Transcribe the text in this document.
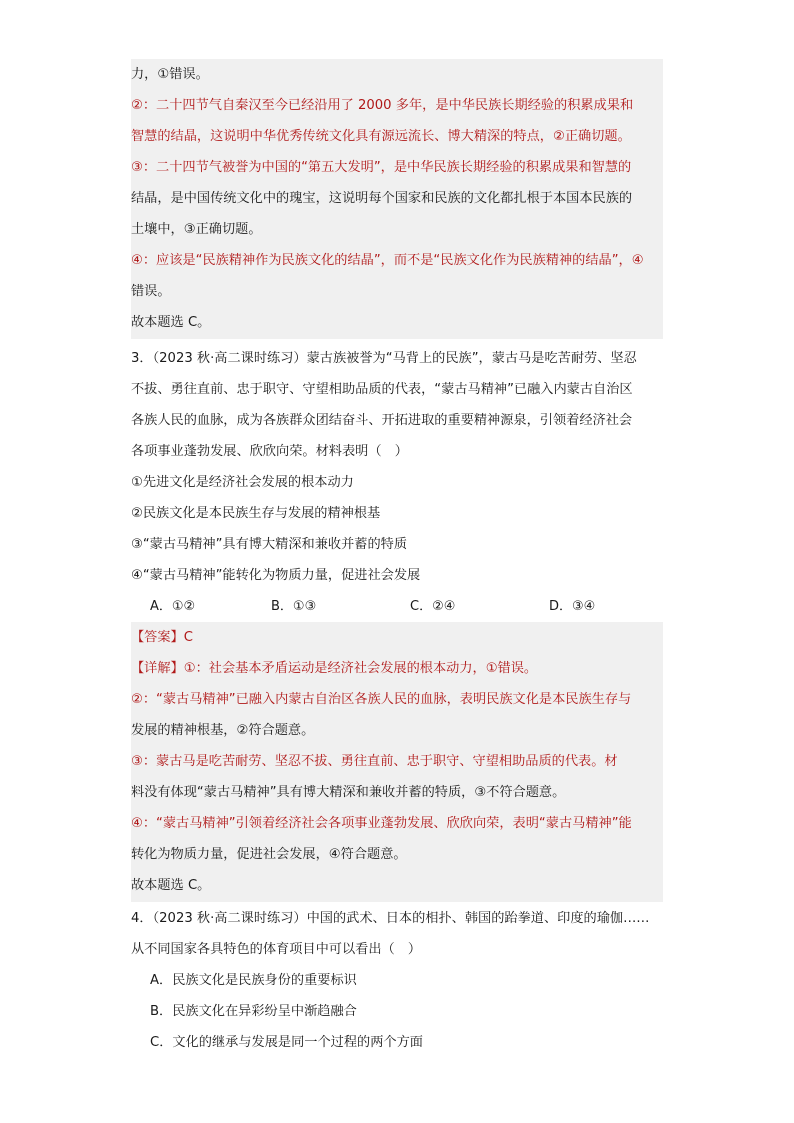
力，①错误。
②：二十四节气自秦汉至今已经沿用了 2000 多年，是中华民族长期经验的积累成果和
智慧的结晶，这说明中华优秀传统文化具有源远流长、博大精深的特点，②正确切题。
③：二十四节气被誉为中国的“第五大发明”，是中华民族长期经验的积累成果和智慧的
结晶，是中国传统文化中的瑰宝，这说明每个国家和民族的文化都扎根于本国本民族的
土壤中，③正确切题。
④：应该是“民族精神作为民族文化的结晶”，而不是“民族文化作为民族精神的结晶”，④
错误。
故本题选 C。
3．（2023 秋·高二课时练习）蒙古族被誉为“马背上的民族”，蒙古马是吃苦耐劳、坚忍
不拔、勇往直前、忠于职守、守望相助品质的代表，“蒙古马精神”已融入内蒙古自治区
各族人民的血脉，成为各族群众团结奋斗、开拓进取的重要精神源泉，引领着经济社会
各项事业蓬勃发展、欣欣向荣。材料表明（　）
①先进文化是经济社会发展的根本动力
②民族文化是本民族生存与发展的精神根基
③“蒙古马精神”具有博大精深和兼收并蓄的特质
④“蒙古马精神”能转化为物质力量，促进社会发展
A．①②	B．①③	C．②④	D．③④
【答案】C
【详解】①：社会基本矛盾运动是经济社会发展的根本动力，①错误。
②：“蒙古马精神”已融入内蒙古自治区各族人民的血脉，表明民族文化是本民族生存与
发展的精神根基，②符合题意。
③：蒙古马是吃苦耐劳、坚忍不拔、勇往直前、忠于职守、守望相助品质的代表。材
料没有体现“蒙古马精神”具有博大精深和兼收并蓄的特质，③不符合题意。
④：“蒙古马精神”引领着经济社会各项事业蓬勃发展、欣欣向荣，表明“蒙古马精神”能
转化为物质力量，促进社会发展，④符合题意。
故本题选 C。
4．（2023 秋·高二课时练习）中国的武术、日本的相扑、韩国的跆拳道、印度的瑜伽……
从不同国家各具特色的体育项目中可以看出（　）
A．民族文化是民族身份的重要标识
B．民族文化在异彩纷呈中渐趋融合
C．文化的继承与发展是同一个过程的两个方面
